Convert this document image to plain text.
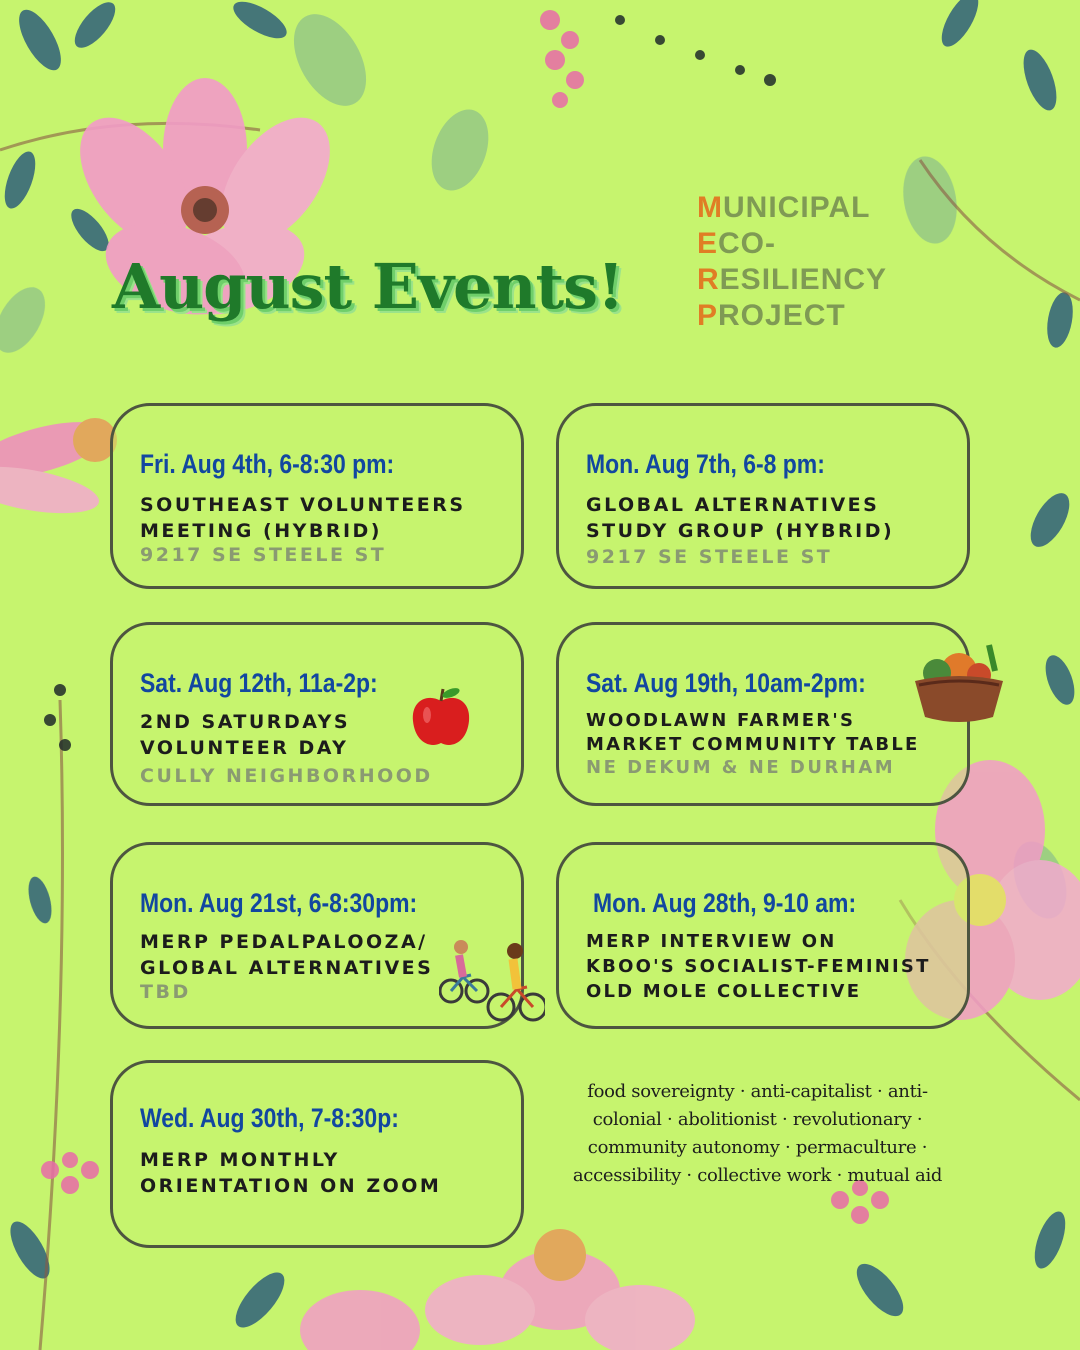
August Events!
MUNICIPAL
ECO-
RESILIENCY
PROJECT
Fri. Aug 4th, 6-8:30 pm:
SOUTHEAST VOLUNTEERS
MEETING (HYBRID)
9217 SE STEELE ST
Mon. Aug 7th, 6-8 pm:
GLOBAL ALTERNATIVES
STUDY GROUP (HYBRID)
9217 SE STEELE ST
Sat. Aug 12th, 11a-2p:
2ND SATURDAYS
VOLUNTEER DAY
CULLY NEIGHBORHOOD
Sat. Aug 19th, 10am-2pm:
WOODLAWN FARMER'S
MARKET COMMUNITY TABLE
NE DEKUM & NE DURHAM
Mon. Aug 21st, 6-8:30pm:
MERP PEDALPALOOZA/
GLOBAL ALTERNATIVES
TBD
Mon. Aug 28th, 9-10 am:
MERP INTERVIEW ON
KBOO'S SOCIALIST-FEMINIST
OLD MOLE COLLECTIVE
Wed. Aug 30th, 7-8:30p:
MERP MONTHLY
ORIENTATION ON ZOOM
food sovereignty · anti-capitalist · anti-
colonial · abolitionist · revolutionary ·
community autonomy · permaculture ·
accessibility · collective work · mutual aid
